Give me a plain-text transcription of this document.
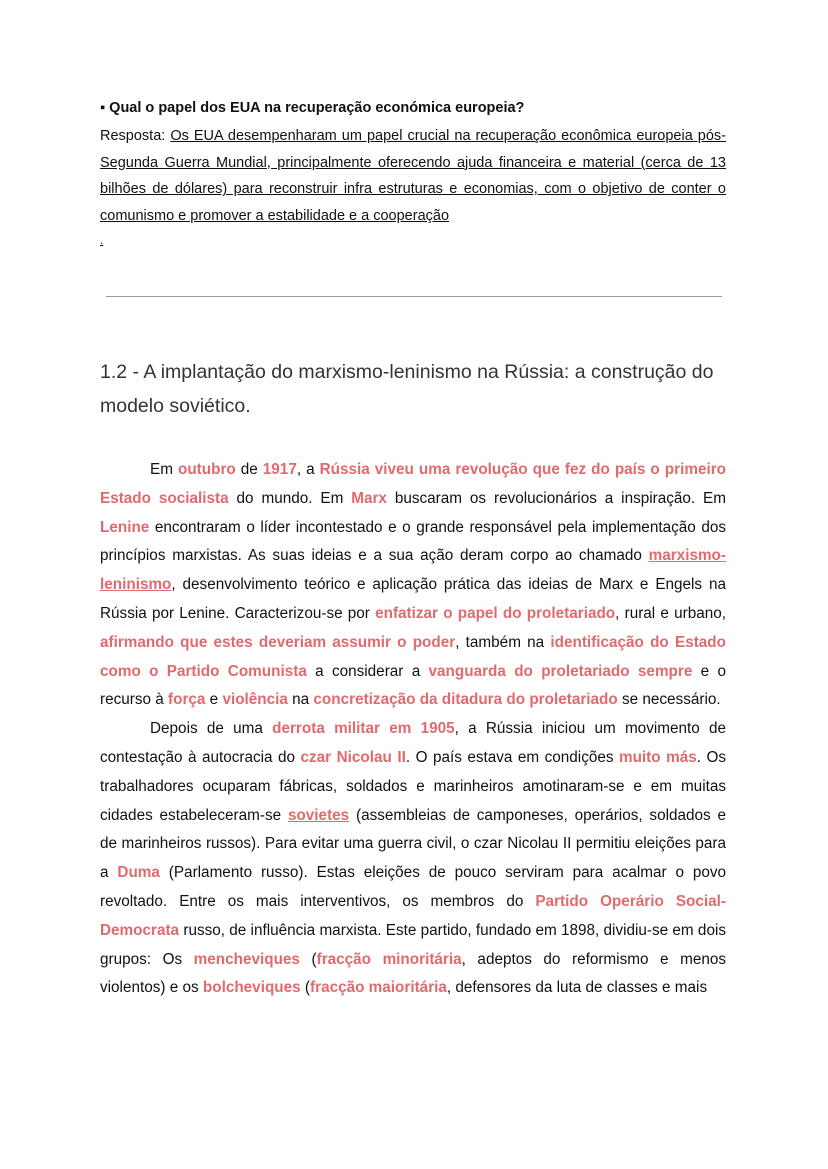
▪ Qual o papel dos EUA na recuperação económica europeia?
Resposta: Os EUA desempenharam um papel crucial na recuperação econômica europeia pós-Segunda Guerra Mundial, principalmente oferecendo ajuda financeira e material (cerca de 13 bilhões de dólares) para reconstruir infra estruturas e economias, com o objetivo de conter o comunismo e promover a estabilidade e a cooperação
.
1.2 - A implantação do marxismo-leninismo na Rússia: a construção do modelo soviético.

Em outubro de 1917, a Rússia viveu uma revolução que fez do país o primeiro Estado socialista do mundo. Em Marx buscaram os revolucionários a inspiração. Em Lenine encontraram o líder incontestado e o grande responsável pela implementação dos princípios marxistas. As suas ideias e a sua ação deram corpo ao chamado marxismo-leninismo, desenvolvimento teórico e aplicação prática das ideias de Marx e Engels na Rússia por Lenine. Caracterizou-se por enfatizar o papel do proletariado, rural e urbano, afirmando que estes deveriam assumir o poder, também na identificação do Estado como o Partido Comunista a considerar a vanguarda do proletariado sempre e o recurso à força e violência na concretização da ditadura do proletariado se necessário.

Depois de uma derrota militar em 1905, a Rússia iniciou um movimento de contestação à autocracia do czar Nicolau II. O país estava em condições muito más. Os trabalhadores ocuparam fábricas, soldados e marinheiros amotinaram-se e em muitas cidades estabeleceram-se sovietes (assembleias de camponeses, operários, soldados e de marinheiros russos). Para evitar uma guerra civil, o czar Nicolau II permitiu eleições para a Duma (Parlamento russo). Estas eleições de pouco serviram para acalmar o povo revoltado. Entre os mais interventivos, os membros do Partido Operário Social-Democrata russo, de influência marxista. Este partido, fundado em 1898, dividiu-se em dois grupos: Os mencheviques (fracção minoritária, adeptos do reformismo e menos violentos) e os bolcheviques (fracção maioritária, defensores da luta de classes e mais
